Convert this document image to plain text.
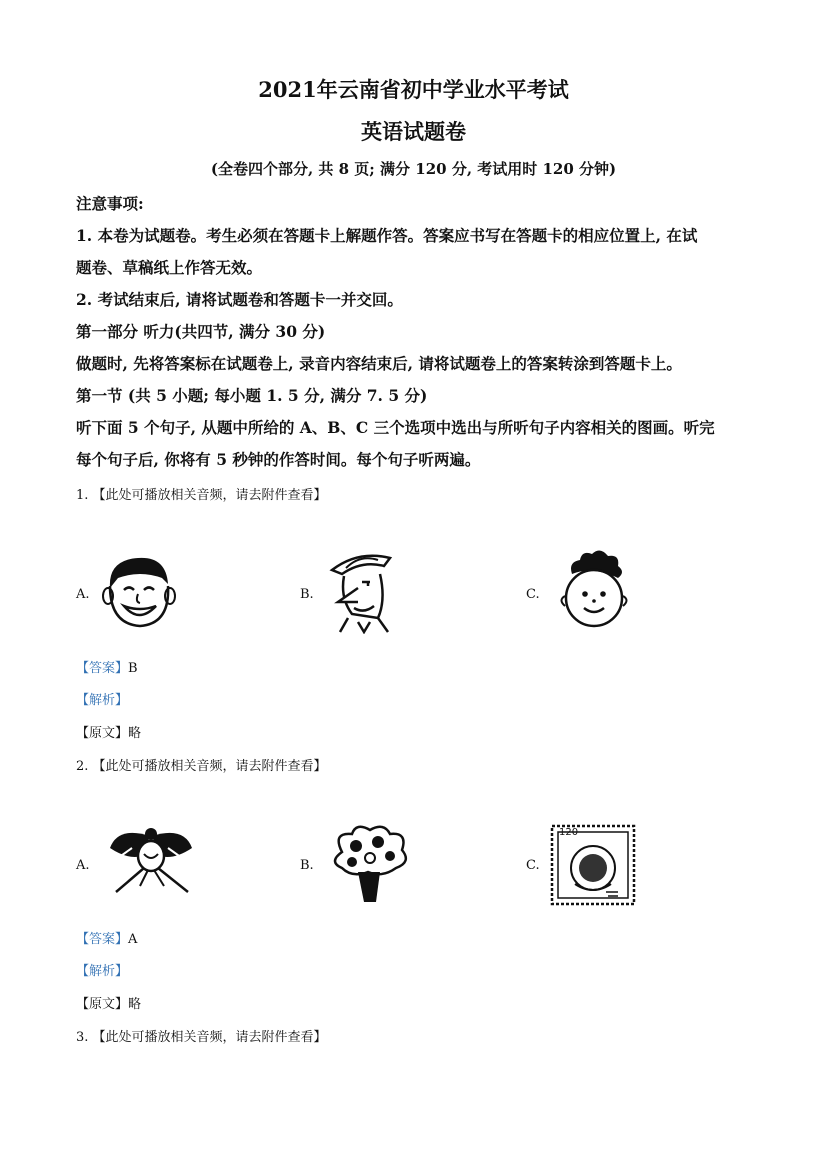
2021年云南省初中学业水平考试
英语试题卷
(全卷四个部分, 共 8 页; 满分 120 分, 考试用时 120 分钟)
注意事项:
1. 本卷为试题卷。考生必须在答题卡上解题作答。答案应书写在答题卡的相应位置上, 在试
题卷、草稿纸上作答无效。
2. 考试结束后, 请将试题卷和答题卡一并交回。
第一部分 听力(共四节, 满分 30 分)
做题时, 先将答案标在试题卷上, 录音内容结束后, 请将试题卷上的答案转涂到答题卡上。
第一节 (共 5 小题; 每小题 1. 5 分, 满分 7. 5 分)
听下面 5 个句子, 从题中所给的 A、B、C 三个选项中选出与所听句子内容相关的图画。听完
每个句子后, 你将有 5 秒钟的作答时间。每个句子听两遍。
1. 【此处可播放相关音频，请去附件查看】
A.	B.	C.
【答案】B
【解析】
【原文】略
2. 【此处可播放相关音频，请去附件查看】
A.	B.	C.
120
【答案】A
【解析】
【原文】略
3. 【此处可播放相关音频，请去附件查看】
